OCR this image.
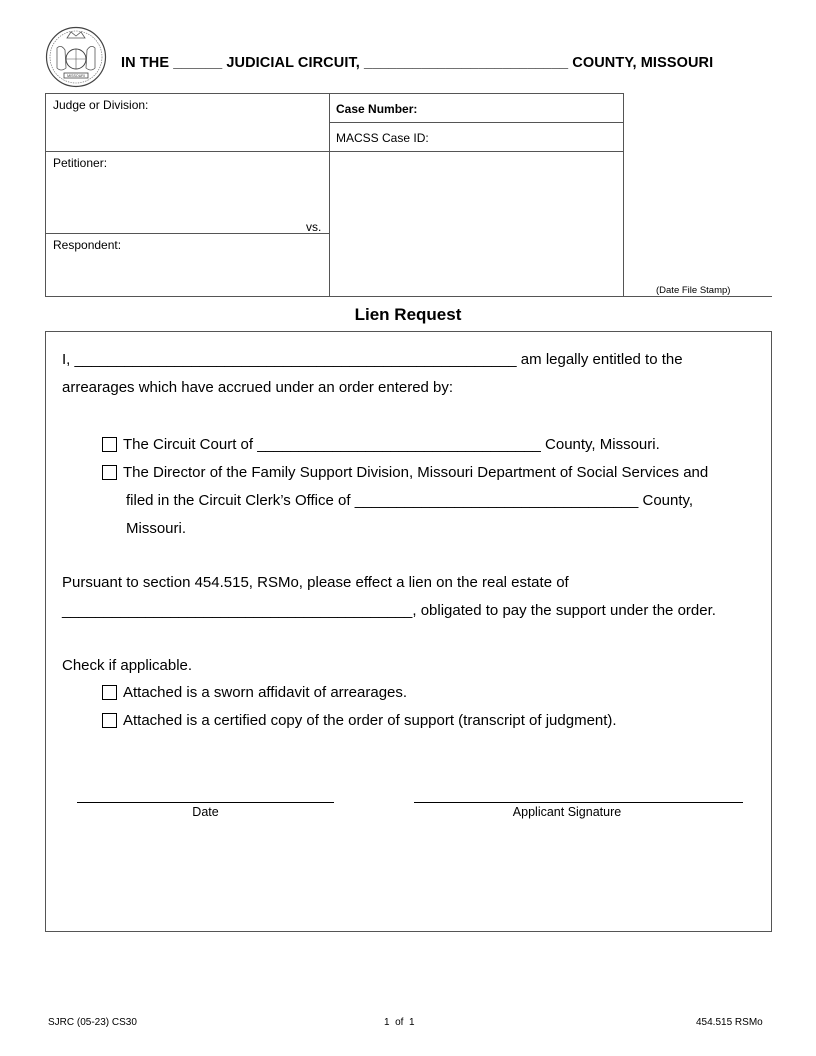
MISSOURI
IN THE ______ JUDICIAL CIRCUIT, _________________________ COUNTY, MISSOURI
Judge or Division:	Case Number:
MACSS Case ID:
Petitioner:
vs.
Respondent:
(Date File Stamp)
Lien Request
I, _____________________________________________________ am legally entitled to the
arrearages which have accrued under an order entered by:
The Circuit Court of __________________________________ County, Missouri.
The Director of the Family Support Division, Missouri Department of Social Services and
filed in the Circuit Clerk’s Office of __________________________________ County,
Missouri.
Pursuant to section 454.515, RSMo, please effect a lien on the real estate of
__________________________________________, obligated to pay the support under the order.
Check if applicable.
Attached is a sworn affidavit of arrearages.
Attached is a certified copy of the order of support (transcript of judgment).
Date	Applicant Signature
SJRC (05-23) CS30	1  of  1	454.515 RSMo
